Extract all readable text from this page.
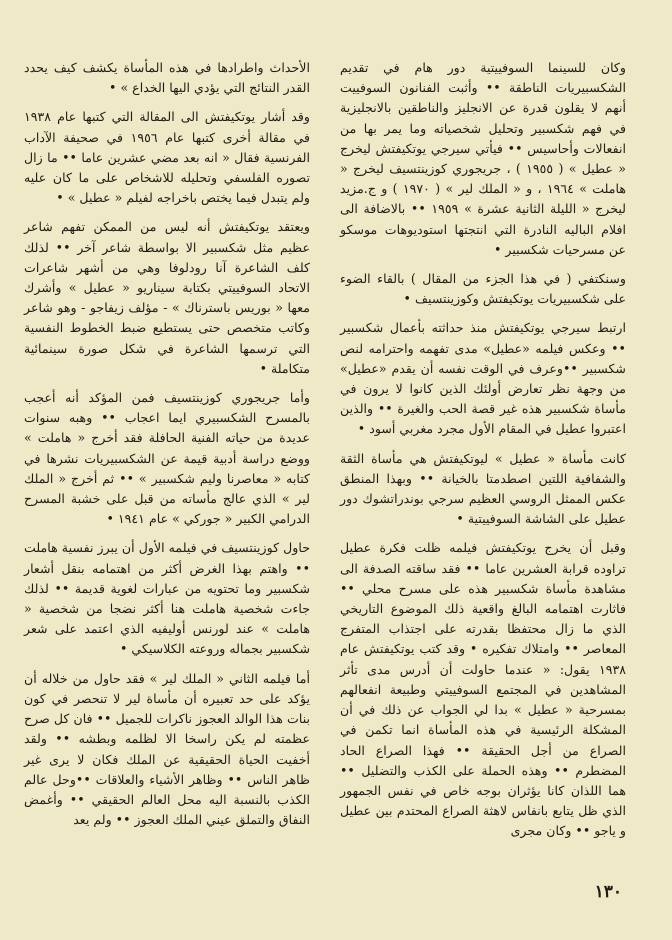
وكان للسينما السوفييتية دور هام في تقديم الشكسبيريات الناطقة •• وأثبت الفنانون السوفييت أنهم لا يقلون قدرة عن الانجليز والناطقين بالانجليزية في فهم شكسبير وتحليل شخصياته وما يمر بها من انفعالات وأحاسيس •• فيأتي سيرجي يوتكيفتش ليخرج « عطيل » ( ١٩٥٥ ) ، جريجوري كوزينتسيف ليخرج « هاملت » ١٩٦٤ ، و « الملك لير » ( ١٩٧٠ ) و ج.مزيد ليخرج « الليلة الثانية عشرة » ١٩٥٩ •• بالاضافة الى افلام الباليه النادرة التي انتجتها استوديوهات موسكو عن مسرحيات شكسبير •

وسنكتفي ( في هذا الجزء من المقال ) بالقاء الضوء على شكسبيريات يوتكيفتش وكوزينتسيف •

ارتبط سيرجي يوتكيفتش منذ حداثته بأعمال شكسبير •• وعكس فيلمه «عطيل» مدى تفهمه واحترامه لنص شكسبير ••وعرف في الوقت نفسه أن يقدم «عطيل» من وجهة نظر تعارض أولئك الذين كانوا لا يرون في مأساة شكسبير هذه غير قصة الحب والغيرة •• والذين اعتبروا عطيل في المقام الأول مجرد مغربي أسود •

كانت مأساة « عطيل » ليوتكيفتش هي مأساة الثقة والشفافية اللتين اصطدمتا بالخيانة •• وبهذا المنطق عكس الممثل الروسي العظيم سرجي بوندراتشوك دور عطيل على الشاشة السوفييتية •

وقبل أن يخرج يوتكيفتش فيلمه ظلت فكرة عطيل تراوده قرابة العشرين عاما •• فقد ساقته الصدفة الى مشاهدة مأساة شكسبير هذه على مسرح محلي •• فاثارت اهتمامه البالغ واقعية ذلك الموضوع التاريخي الذي ما زال محتفظا بقدرته على اجتذاب المتفرج المعاصر •• وامتلاك تفكيره • وقد كتب يوتكيفتش عام ١٩٣٨ يقول: « عندما حاولت أن أدرس مدى تأثر المشاهدين في المجتمع السوفييتي وطبيعة انفعالهم بمسرحية « عطيل » بدا لي الجواب عن ذلك في أن المشكلة الرئيسية في هذه المأساة انما تكمن في الصراع من أجل الحقيقة •• فهذا الصراع الحاد المضطرم •• وهذه الحملة على الكذب والتضليل •• هما اللذان كانا يؤثران بوجه خاص في نفس الجمهور الذي ظل يتابع بانفاس لاهثة الصراع المحتدم بين عطيل و ياجو •• وكان مجرى

الأحداث واطرادها في هذه المأساة يكشف كيف يحدد القدر النتائج التي يؤدي اليها الخداع » •

وقد أشار يوتكيفتش الى المقالة التي كتبها عام ١٩٣٨ في مقالة أخرى كتبها عام ١٩٥٦ في صحيفة الآداب الفرنسية فقال « انه بعد مضي عشرين عاما •• ما زال تصوره الفلسفي وتحليله للاشخاص على ما كان عليه ولم يتبدل فيما يختص باخراجه لفيلم « عطيل » •

ويعتقد يوتكيفتش أنه ليس من الممكن تفهم شاعر عظيم مثل شكسبير الا بواسطة شاعر آخر •• لذلك كلف الشاعرة آنا رودلوفا وهي من أشهر شاعرات الاتحاد السوفييتي بكتابة سيناريو « عطيل » وأشرك معها « بوريس باسترناك » - مؤلف زيفاجو - وهو شاعر وكاتب متخصص حتى يستطيع ضبط الخطوط النفسية التي ترسمها الشاعرة في شكل صورة سينمائية متكاملة •

وأما جريجوري كوزينتسيف فمن المؤكد أنه أعجب بالمسرح الشكسبيري ايما اعجاب •• وهبه سنوات عديدة من حياته الفنية الحافلة فقد أخرج « هاملت » ووضع دراسة أدبية قيمة عن الشكسبيريات نشرها في كتابه « معاصرنا وليم شكسبير » •• ثم أخرج « الملك لير » الذي عالج مأساته من قبل على خشبة المسرح الدرامي الكبير « جوركي » عام ١٩٤١ •

حاول كوزينتسيف في فيلمه الأول أن يبرز نفسية هاملت •• واهتم بهذا الغرض أكثر من اهتمامه بنقل أشعار شكسبير وما تحتويه من عبارات لغوية قديمة •• لذلك جاءت شخصية هاملت هنا أكثر نضجا من شخصية « هاملت » عند لورنس أوليفيه الذي اعتمد على شعر شكسبير بجماله وروعته الكلاسيكي •

أما فيلمه الثاني « الملك لير » فقد حاول من خلاله أن يؤكد على حد تعبيره أن مأساة لير لا تنحصر في كون بنات هذا الوالد العجوز ناكرات للجميل •• فان كل صرح عظمته لم يكن راسخا الا لظلمه وبطشه •• ولقد أخفيت الحياة الحقيقية عن الملك فكان لا يرى غير ظاهر الناس •• وظاهر الأشياء والعلاقات ••وحل عالم الكذب بالنسبة اليه محل العالم الحقيقي •• وأغمض النفاق والتملق عيني الملك العجوز •• ولم يعد

١٣٠
